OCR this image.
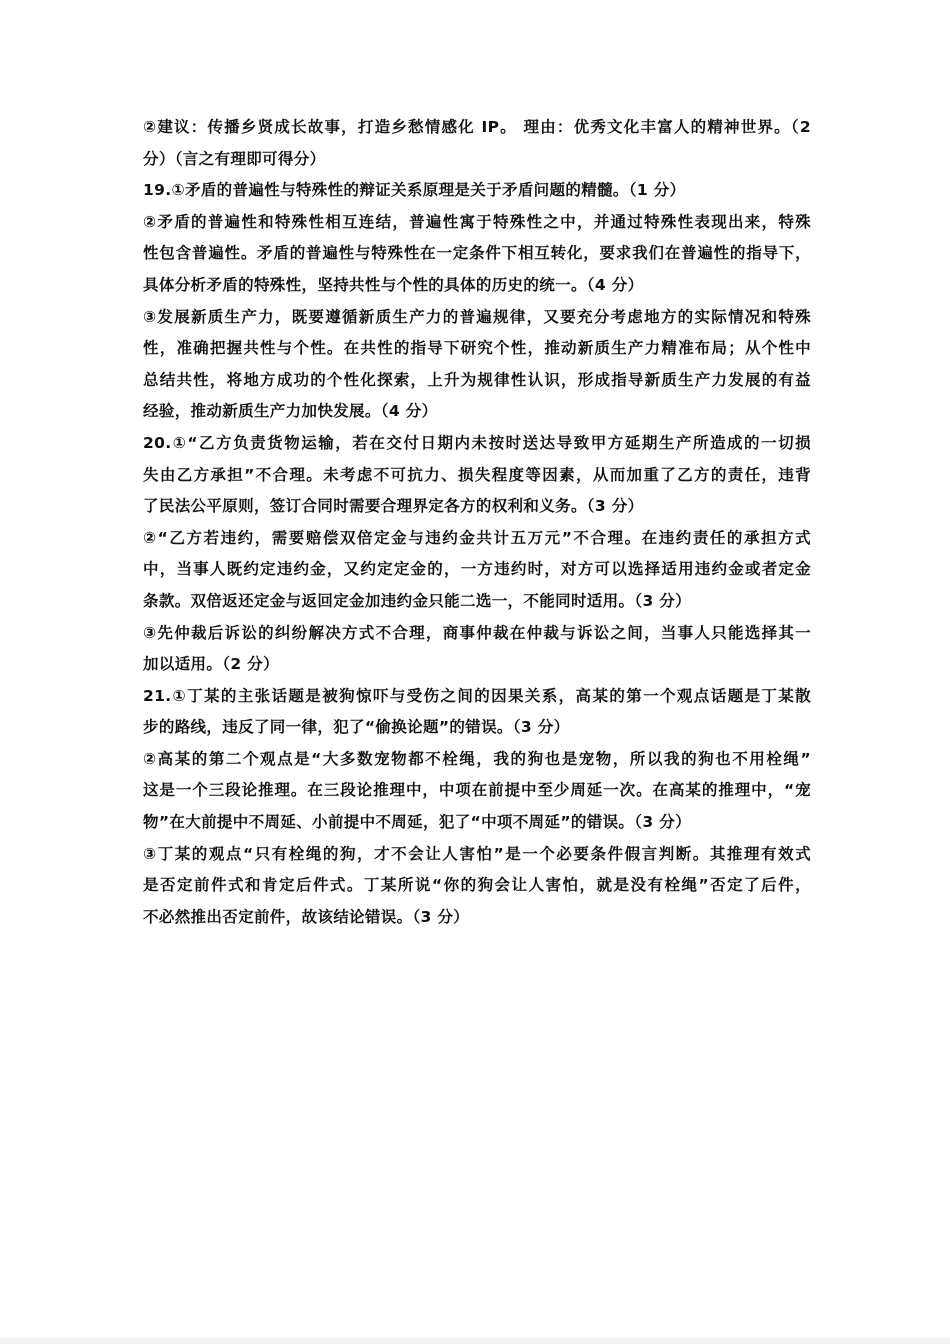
②建议：传播乡贤成长故事，打造乡愁情感化 IP。 理由：优秀文化丰富人的精神世界。（2
分）（言之有理即可得分）
19.①矛盾的普遍性与特殊性的辩证关系原理是关于矛盾问题的精髓。（1 分）
②矛盾的普遍性和特殊性相互连结，普遍性寓于特殊性之中，并通过特殊性表现出来，特殊
性包含普遍性。矛盾的普遍性与特殊性在一定条件下相互转化，要求我们在普遍性的指导下，
具体分析矛盾的特殊性，坚持共性与个性的具体的历史的统一。（4 分）
③发展新质生产力，既要遵循新质生产力的普遍规律，又要充分考虑地方的实际情况和特殊
性，准确把握共性与个性。在共性的指导下研究个性，推动新质生产力精准布局；从个性中
总结共性，将地方成功的个性化探索，上升为规律性认识，形成指导新质生产力发展的有益
经验，推动新质生产力加快发展。（4 分）
20.①“乙方负责货物运输，若在交付日期内未按时送达导致甲方延期生产所造成的一切损
失由乙方承担”不合理。未考虑不可抗力、损失程度等因素，从而加重了乙方的责任，违背
了民法公平原则，签订合同时需要合理界定各方的权利和义务。（3 分）
②“乙方若违约，需要赔偿双倍定金与违约金共计五万元”不合理。在违约责任的承担方式
中，当事人既约定违约金，又约定定金的，一方违约时，对方可以选择适用违约金或者定金
条款。双倍返还定金与返回定金加违约金只能二选一，不能同时适用。（3 分）
③先仲裁后诉讼的纠纷解决方式不合理，商事仲裁在仲裁与诉讼之间，当事人只能选择其一
加以适用。（2 分）
21.①丁某的主张话题是被狗惊吓与受伤之间的因果关系，高某的第一个观点话题是丁某散
步的路线，违反了同一律，犯了“偷换论题”的错误。（3 分）
②高某的第二个观点是“大多数宠物都不栓绳，我的狗也是宠物，所以我的狗也不用栓绳”
这是一个三段论推理。在三段论推理中，中项在前提中至少周延一次。在高某的推理中，“宠
物”在大前提中不周延、小前提中不周延，犯了“中项不周延”的错误。（3 分）
③丁某的观点“只有栓绳的狗，才不会让人害怕”是一个必要条件假言判断。其推理有效式
是否定前件式和肯定后件式。丁某所说“你的狗会让人害怕，就是没有栓绳”否定了后件，
不必然推出否定前件，故该结论错误。（3 分）
